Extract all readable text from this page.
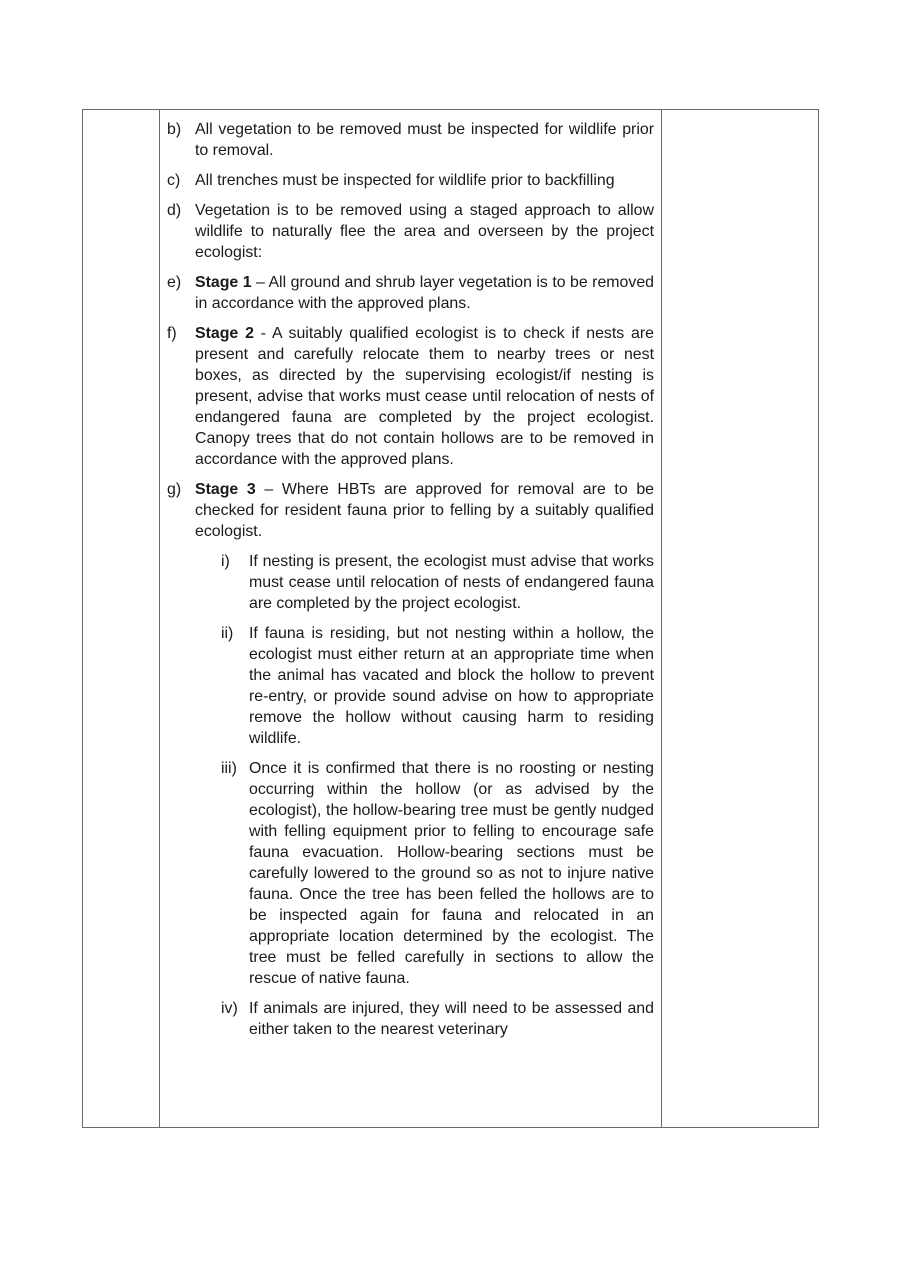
b) All vegetation to be removed must be inspected for wildlife prior to removal.
c) All trenches must be inspected for wildlife prior to backfilling
d) Vegetation is to be removed using a staged approach to allow wildlife to naturally flee the area and overseen by the project ecologist:
e) Stage 1 – All ground and shrub layer vegetation is to be removed in accordance with the approved plans.
f)	Stage 2 - A suitably qualified ecologist is to check if nests are present and carefully relocate them to nearby trees or nest boxes, as directed by the supervising ecologist/if nesting is present, advise that works must cease until relocation of nests of endangered fauna are completed by the project ecologist. Canopy trees that do not contain hollows are to be removed in accordance with the approved plans.
g) Stage 3 – Where HBTs are approved for removal are to be checked for resident fauna prior to felling by a suitably qualified ecologist.
i)	If nesting is present, the ecologist must advise that works must cease until relocation of nests of endangered fauna are completed by the project ecologist.
ii) If fauna is residing, but not nesting within a hollow, the ecologist must either return at an appropriate time when the animal has vacated and block the hollow to prevent re-entry, or provide sound advise on how to appropriate remove the hollow without causing harm to residing wildlife.
iii) Once it is confirmed that there is no roosting or nesting occurring within the hollow (or as advised by the ecologist), the hollow-bearing tree must be gently nudged with felling equipment prior to felling to encourage safe fauna evacuation. Hollow-bearing sections must be carefully lowered to the ground so as not to injure native fauna. Once the tree has been felled the hollows are to be inspected again for fauna and relocated in an appropriate location determined by the ecologist. The tree must be felled carefully in sections to allow the rescue of native fauna.
iv) If animals are injured, they will need to be assessed and either taken to the nearest veterinary
